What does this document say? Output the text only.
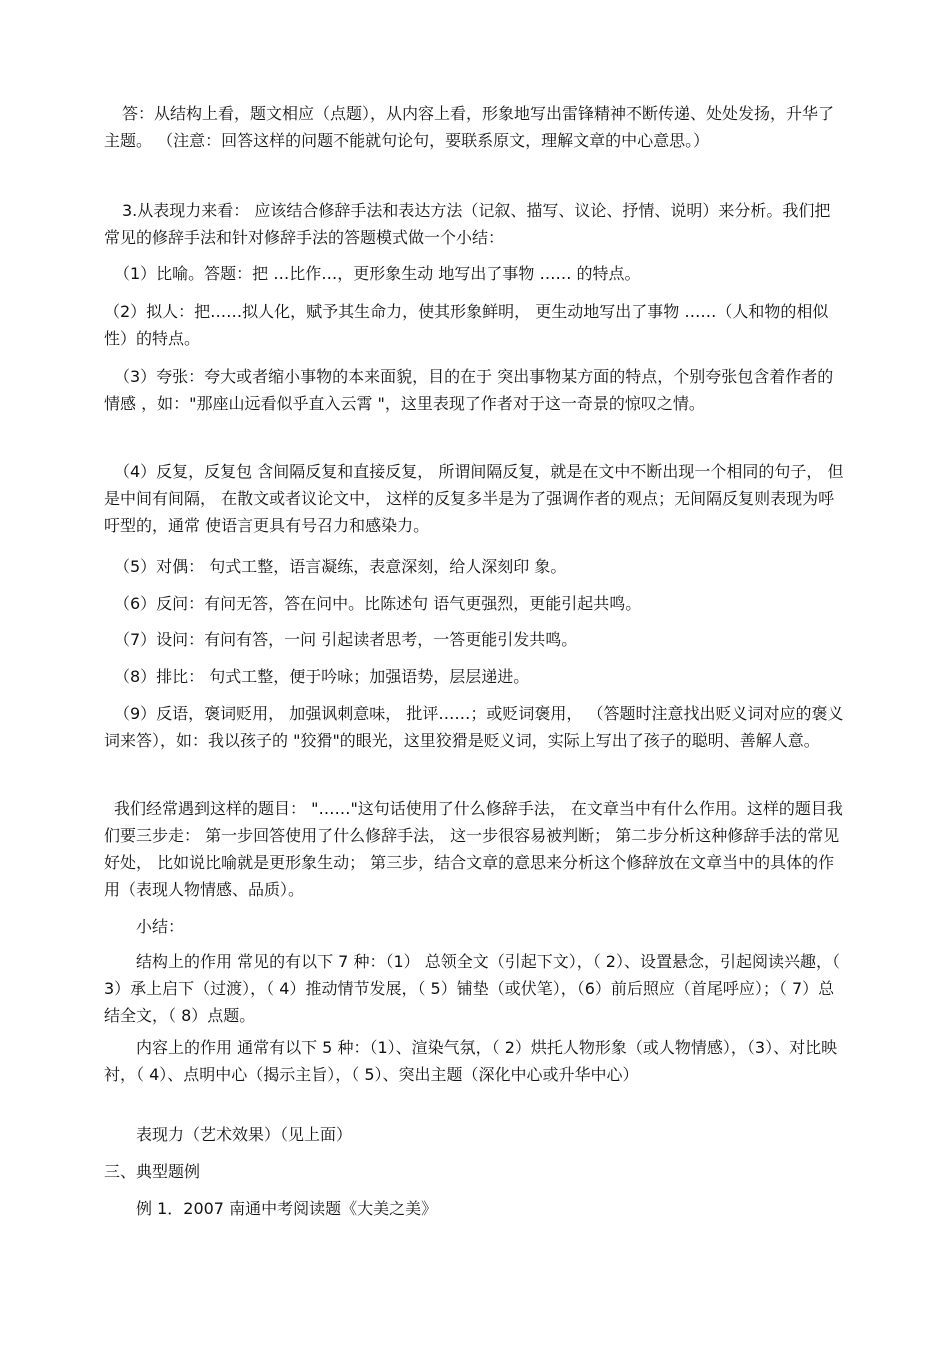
答：从结构上看，题文相应（点题），从内容上看，形象地写出雷锋精神不断传递、处处发扬，升华了主题。 （注意：回答这样的问题不能就句论句，要联系原文，理解文章的中心意思。）

3.从表现力来看： 应该结合修辞手法和表达方法（记叙、描写、议论、抒情、说明）来分析。我们把常见的修辞手法和针对修辞手法的答题模式做一个小结：

（1）比喻。答题：把 …比作…，更形象生动 地写出了事物 …… 的特点。

（2）拟人：把……拟人化，赋予其生命力，使其形象鲜明， 更生动地写出了事物 ……（人和物的相似性）的特点。

（3）夸张：夸大或者缩小事物的本来面貌，目的在于 突出事物某方面的特点，个别夸张包含着作者的情感 ，如："那座山远看似乎直入云霄 "，这里表现了作者对于这一奇景的惊叹之情。

（4）反复，反复包 含间隔反复和直接反复， 所谓间隔反复，就是在文中不断出现一个相同的句子， 但是中间有间隔， 在散文或者议论文中， 这样的反复多半是为了强调作者的观点；无间隔反复则表现为呼吁型的，通常 使语言更具有号召力和感染力。

（5）对偶： 句式工整，语言凝练，表意深刻，给人深刻印 象。

（6）反问：有问无答，答在问中。比陈述句 语气更强烈，更能引起共鸣。

（7）设问：有问有答，一问 引起读者思考，一答更能引发共鸣。

（8）排比： 句式工整，便于吟咏；加强语势，层层递进。

（9）反语，褒词贬用， 加强讽刺意味， 批评……；或贬词褒用， （答题时注意找出贬义词对应的褒义词来答），如：我以孩子的 "狡猾"的眼光，这里狡猾是贬义词，实际上写出了孩子的聪明、善解人意。

我们经常遇到这样的题目： "……"这句话使用了什么修辞手法， 在文章当中有什么作用。这样的题目我们要三步走： 第一步回答使用了什么修辞手法， 这一步很容易被判断； 第二步分析这种修辞手法的常见好处， 比如说比喻就是更形象生动； 第三步，结合文章的意思来分析这个修辞放在文章当中的具体的作用（表现人物情感、品质）。

小结：

结构上的作用 常见的有以下 7 种：（1） 总领全文（引起下文），（ 2）、设置悬念，引起阅读兴趣，（ 3）承上启下（过渡），（ 4）推动情节发展，（ 5）铺垫（或伏笔），（6）前后照应（首尾呼应）；（ 7）总结全文，（ 8）点题。

内容上的作用 通常有以下 5 种：（1）、渲染气氛，（ 2）烘托人物形象（或人物情感），（3）、对比映衬，（ 4）、点明中心（揭示主旨），（ 5）、突出主题（深化中心或升华中心）

表现力（艺术效果）（见上面）

三、典型题例

例 1．2007 南通中考阅读题《大美之美》
